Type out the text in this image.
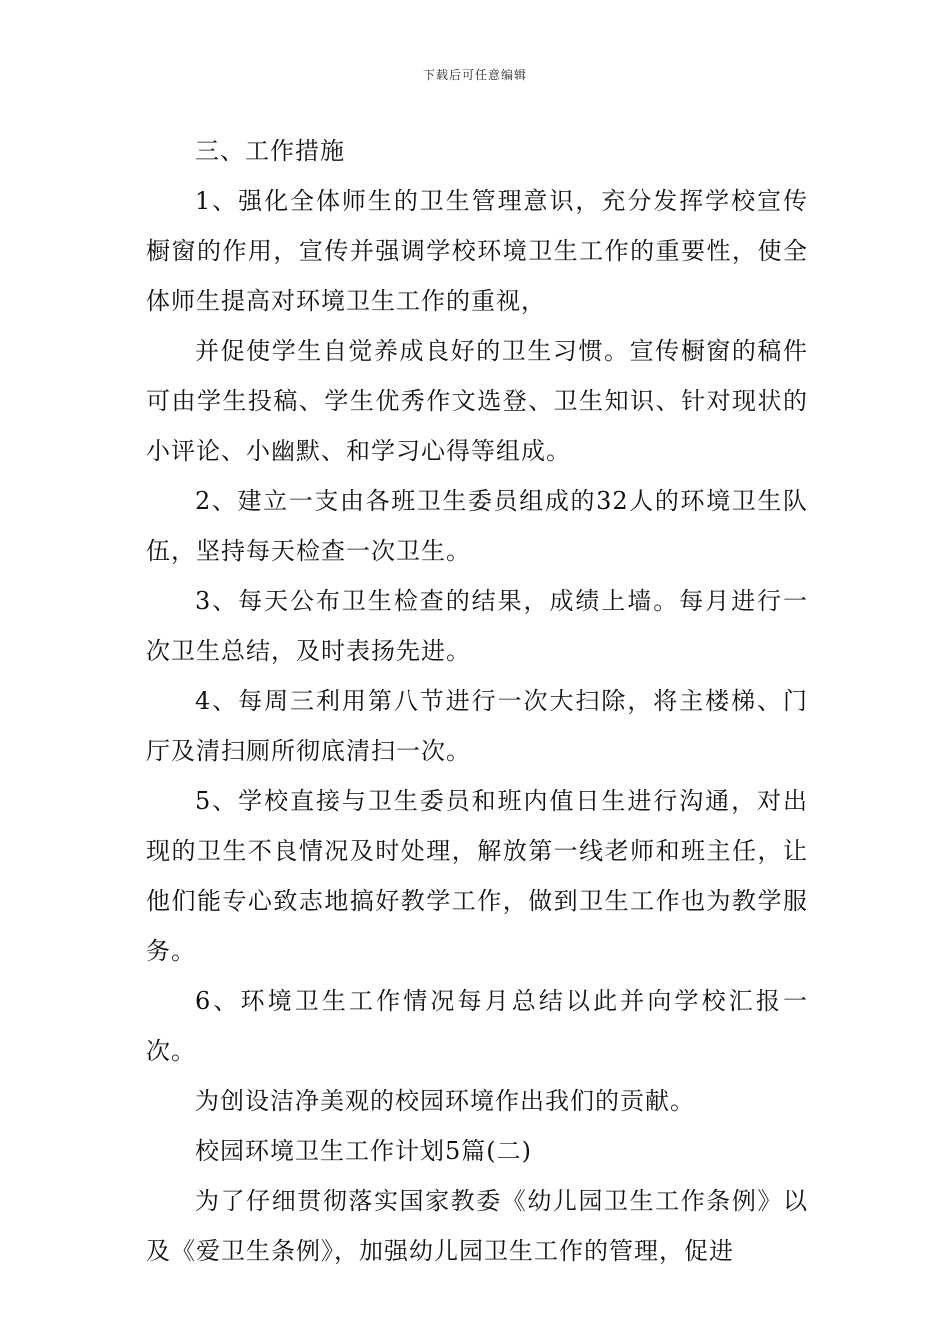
下载后可任意编辑

三、工作措施

1、强化全体师生的卫生管理意识，充分发挥学校宣传橱窗的作用，宣传并强调学校环境卫生工作的重要性，使全体师生提高对环境卫生工作的重视，

并促使学生自觉养成良好的卫生习惯。宣传橱窗的稿件可由学生投稿、学生优秀作文选登、卫生知识、针对现状的小评论、小幽默、和学习心得等组成。

2、建立一支由各班卫生委员组成的32人的环境卫生队伍，坚持每天检查一次卫生。

3、每天公布卫生检查的结果，成绩上墙。每月进行一次卫生总结，及时表扬先进。

4、每周三利用第八节进行一次大扫除，将主楼梯、门厅及清扫厕所彻底清扫一次。

5、学校直接与卫生委员和班内值日生进行沟通，对出现的卫生不良情况及时处理，解放第一线老师和班主任，让他们能专心致志地搞好教学工作，做到卫生工作也为教学服务。

6、环境卫生工作情况每月总结以此并向学校汇报一次。

为创设洁净美观的校园环境作出我们的贡献。

校园环境卫生工作计划5篇(二)

为了仔细贯彻落实国家教委《幼儿园卫生工作条例》以及《爱卫生条例》，加强幼儿园卫生工作的管理，促进
